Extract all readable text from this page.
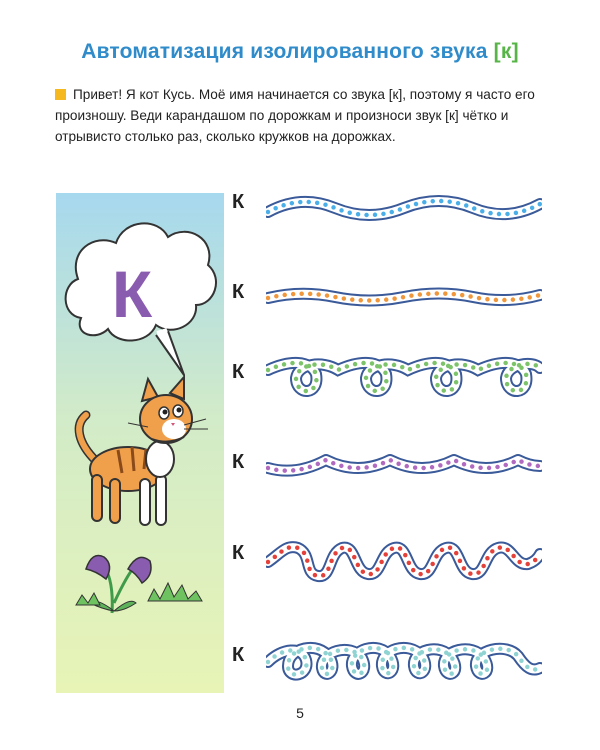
Автоматизация изолированного звука [к]
Привет! Я кот Кусь. Моё имя начинается со звука [к], поэтому я часто его произношу. Веди карандашом по дорожкам и произноси звук [к] чётко и отрывисто столько раз, сколько кружков на дорожках.
К
К
К
К
К
К
К
5
